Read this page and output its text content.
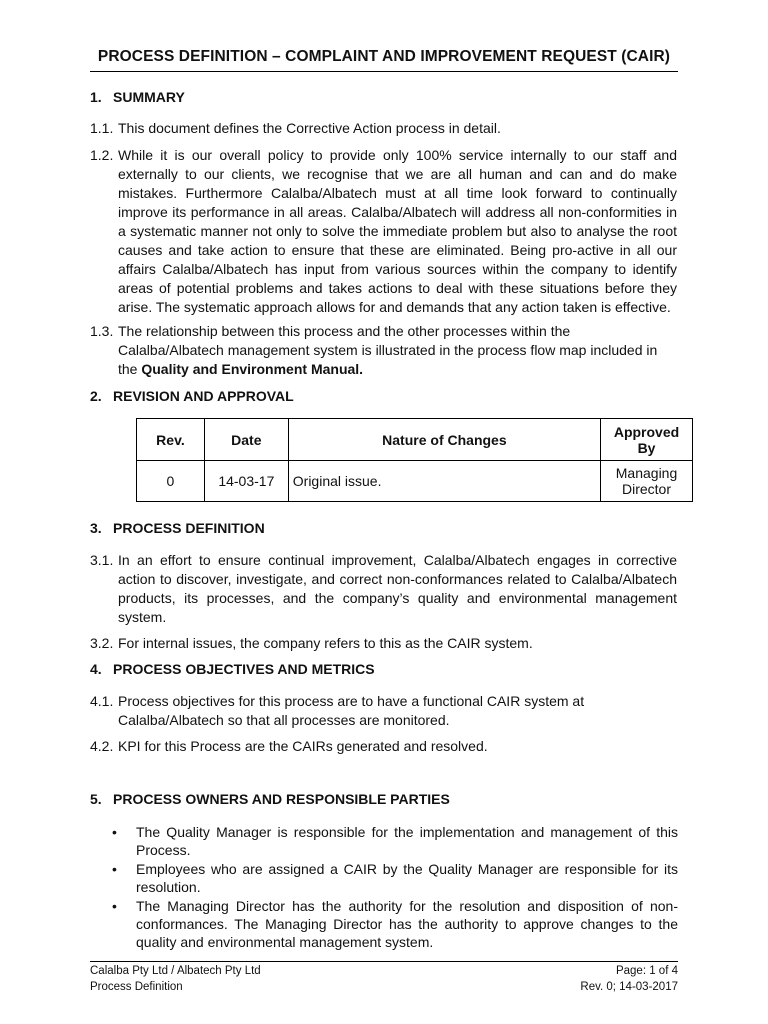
PROCESS DEFINITION – COMPLAINT AND IMPROVEMENT REQUEST (CAIR)
1. SUMMARY
1.1. This document defines the Corrective Action process in detail.
1.2. While it is our overall policy to provide only 100% service internally to our staff and externally to our clients, we recognise that we are all human and can and do make mistakes. Furthermore Calalba/Albatech must at all time look forward to continually improve its performance in all areas. Calalba/Albatech will address all non-conformities in a systematic manner not only to solve the immediate problem but also to analyse the root causes and take action to ensure that these are eliminated. Being pro-active in all our affairs Calalba/Albatech has input from various sources within the company to identify areas of potential problems and takes actions to deal with these situations before they arise. The systematic approach allows for and demands that any action taken is effective.
1.3. The relationship between this process and the other processes within the Calalba/Albatech management system is illustrated in the process flow map included in the Quality and Environment Manual.
2. REVISION AND APPROVAL
Rev.	Date	Nature of Changes	Approved By
0	14-03-17	Original issue.	Managing Director
3. PROCESS DEFINITION
3.1. In an effort to ensure continual improvement, Calalba/Albatech engages in corrective action to discover, investigate, and correct non-conformances related to Calalba/Albatech products, its processes, and the company’s quality and environmental management system.
3.2. For internal issues, the company refers to this as the CAIR system.
4. PROCESS OBJECTIVES AND METRICS
4.1. Process objectives for this process are to have a functional CAIR system at Calalba/Albatech so that all processes are monitored.
4.2. KPI for this Process are the CAIRs generated and resolved.
5. PROCESS OWNERS AND RESPONSIBLE PARTIES
• The Quality Manager is responsible for the implementation and management of this Process.
• Employees who are assigned a CAIR by the Quality Manager are responsible for its resolution.
• The Managing Director has the authority for the resolution and disposition of non-conformances. The Managing Director has the authority to approve changes to the quality and environmental management system.
Calalba Pty Ltd / Albatech Pty Ltd
Process Definition
Page: 1 of 4
Rev. 0; 14-03-2017
